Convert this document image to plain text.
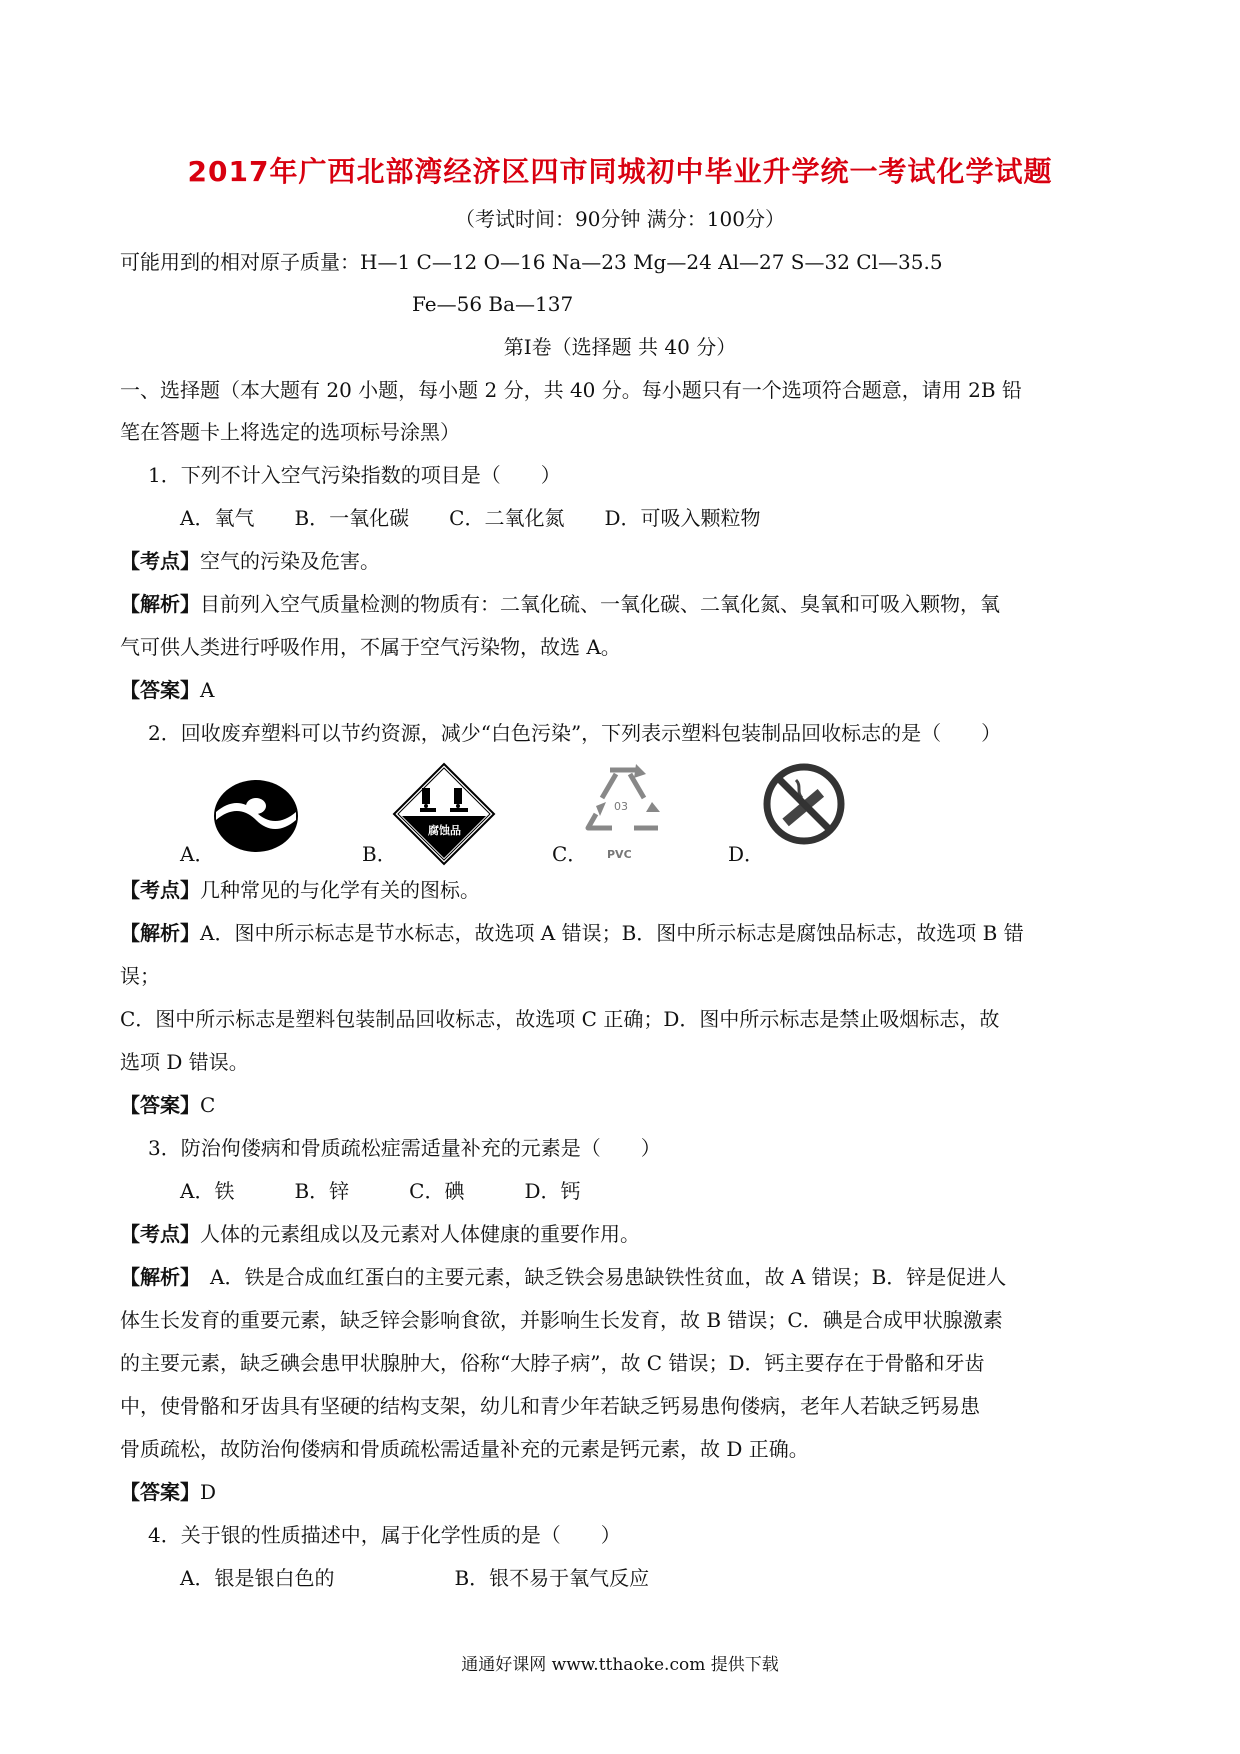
2017年广西北部湾经济区四市同城初中毕业升学统一考试化学试题
（考试时间：90分钟 满分：100分）
可能用到的相对原子质量：H—1 C—12 O—16 Na—23 Mg—24 Al—27 S—32 Cl—35.5
Fe—56 Ba—137
第Ⅰ卷（选择题 共 40 分）
一、选择题（本大题有 20 小题，每小题 2 分，共 40 分。每小题只有一个选项符合题意，请用 2B 铅
笔在答题卡上将选定的选项标号涂黑）
1．下列不计入空气污染指数的项目是（　　）
A．氧气　　B．一氧化碳　　C．二氧化氮　　D．可吸入颗粒物
【考点】空气的污染及危害。
【解析】目前列入空气质量检测的物质有：二氧化硫、一氧化碳、二氧化氮、臭氧和可吸入颗物，氧
气可供人类进行呼吸作用，不属于空气污染物，故选 A。
【答案】A
2．回收废弃塑料可以节约资源，减少“白色污染”，下列表示塑料包装制品回收标志的是（　　）
A．	B．
腐蚀品
C．
03
PVC	D．
【考点】几种常见的与化学有关的图标。
【解析】A．图中所示标志是节水标志，故选项 A 错误；B．图中所示标志是腐蚀品标志，故选项 B 错
误；
C．图中所示标志是塑料包装制品回收标志，故选项 C 正确；D．图中所示标志是禁止吸烟标志，故
选项 D 错误。
【答案】C
3．防治佝偻病和骨质疏松症需适量补充的元素是（　　）
A．铁　　　B．锌　　　C．碘　　　D．钙
【考点】人体的元素组成以及元素对人体健康的重要作用。
【解析】　A．铁是合成血红蛋白的主要元素，缺乏铁会易患缺铁性贫血，故 A 错误；B．锌是促进人
体生长发育的重要元素，缺乏锌会影响食欲，并影响生长发育，故 B 错误；C．碘是合成甲状腺激素
的主要元素，缺乏碘会患甲状腺肿大，俗称“大脖子病”，故 C 错误；D．钙主要存在于骨骼和牙齿
中，使骨骼和牙齿具有坚硬的结构支架，幼儿和青少年若缺乏钙易患佝偻病，老年人若缺乏钙易患
骨质疏松，故防治佝偻病和骨质疏松需适量补充的元素是钙元素，故 D 正确。
【答案】D
4．关于银的性质描述中，属于化学性质的是（　　）
A．银是银白色的　　　　　　B．银不易于氧气反应
通通好课网 www.tthaoke.com 提供下载
